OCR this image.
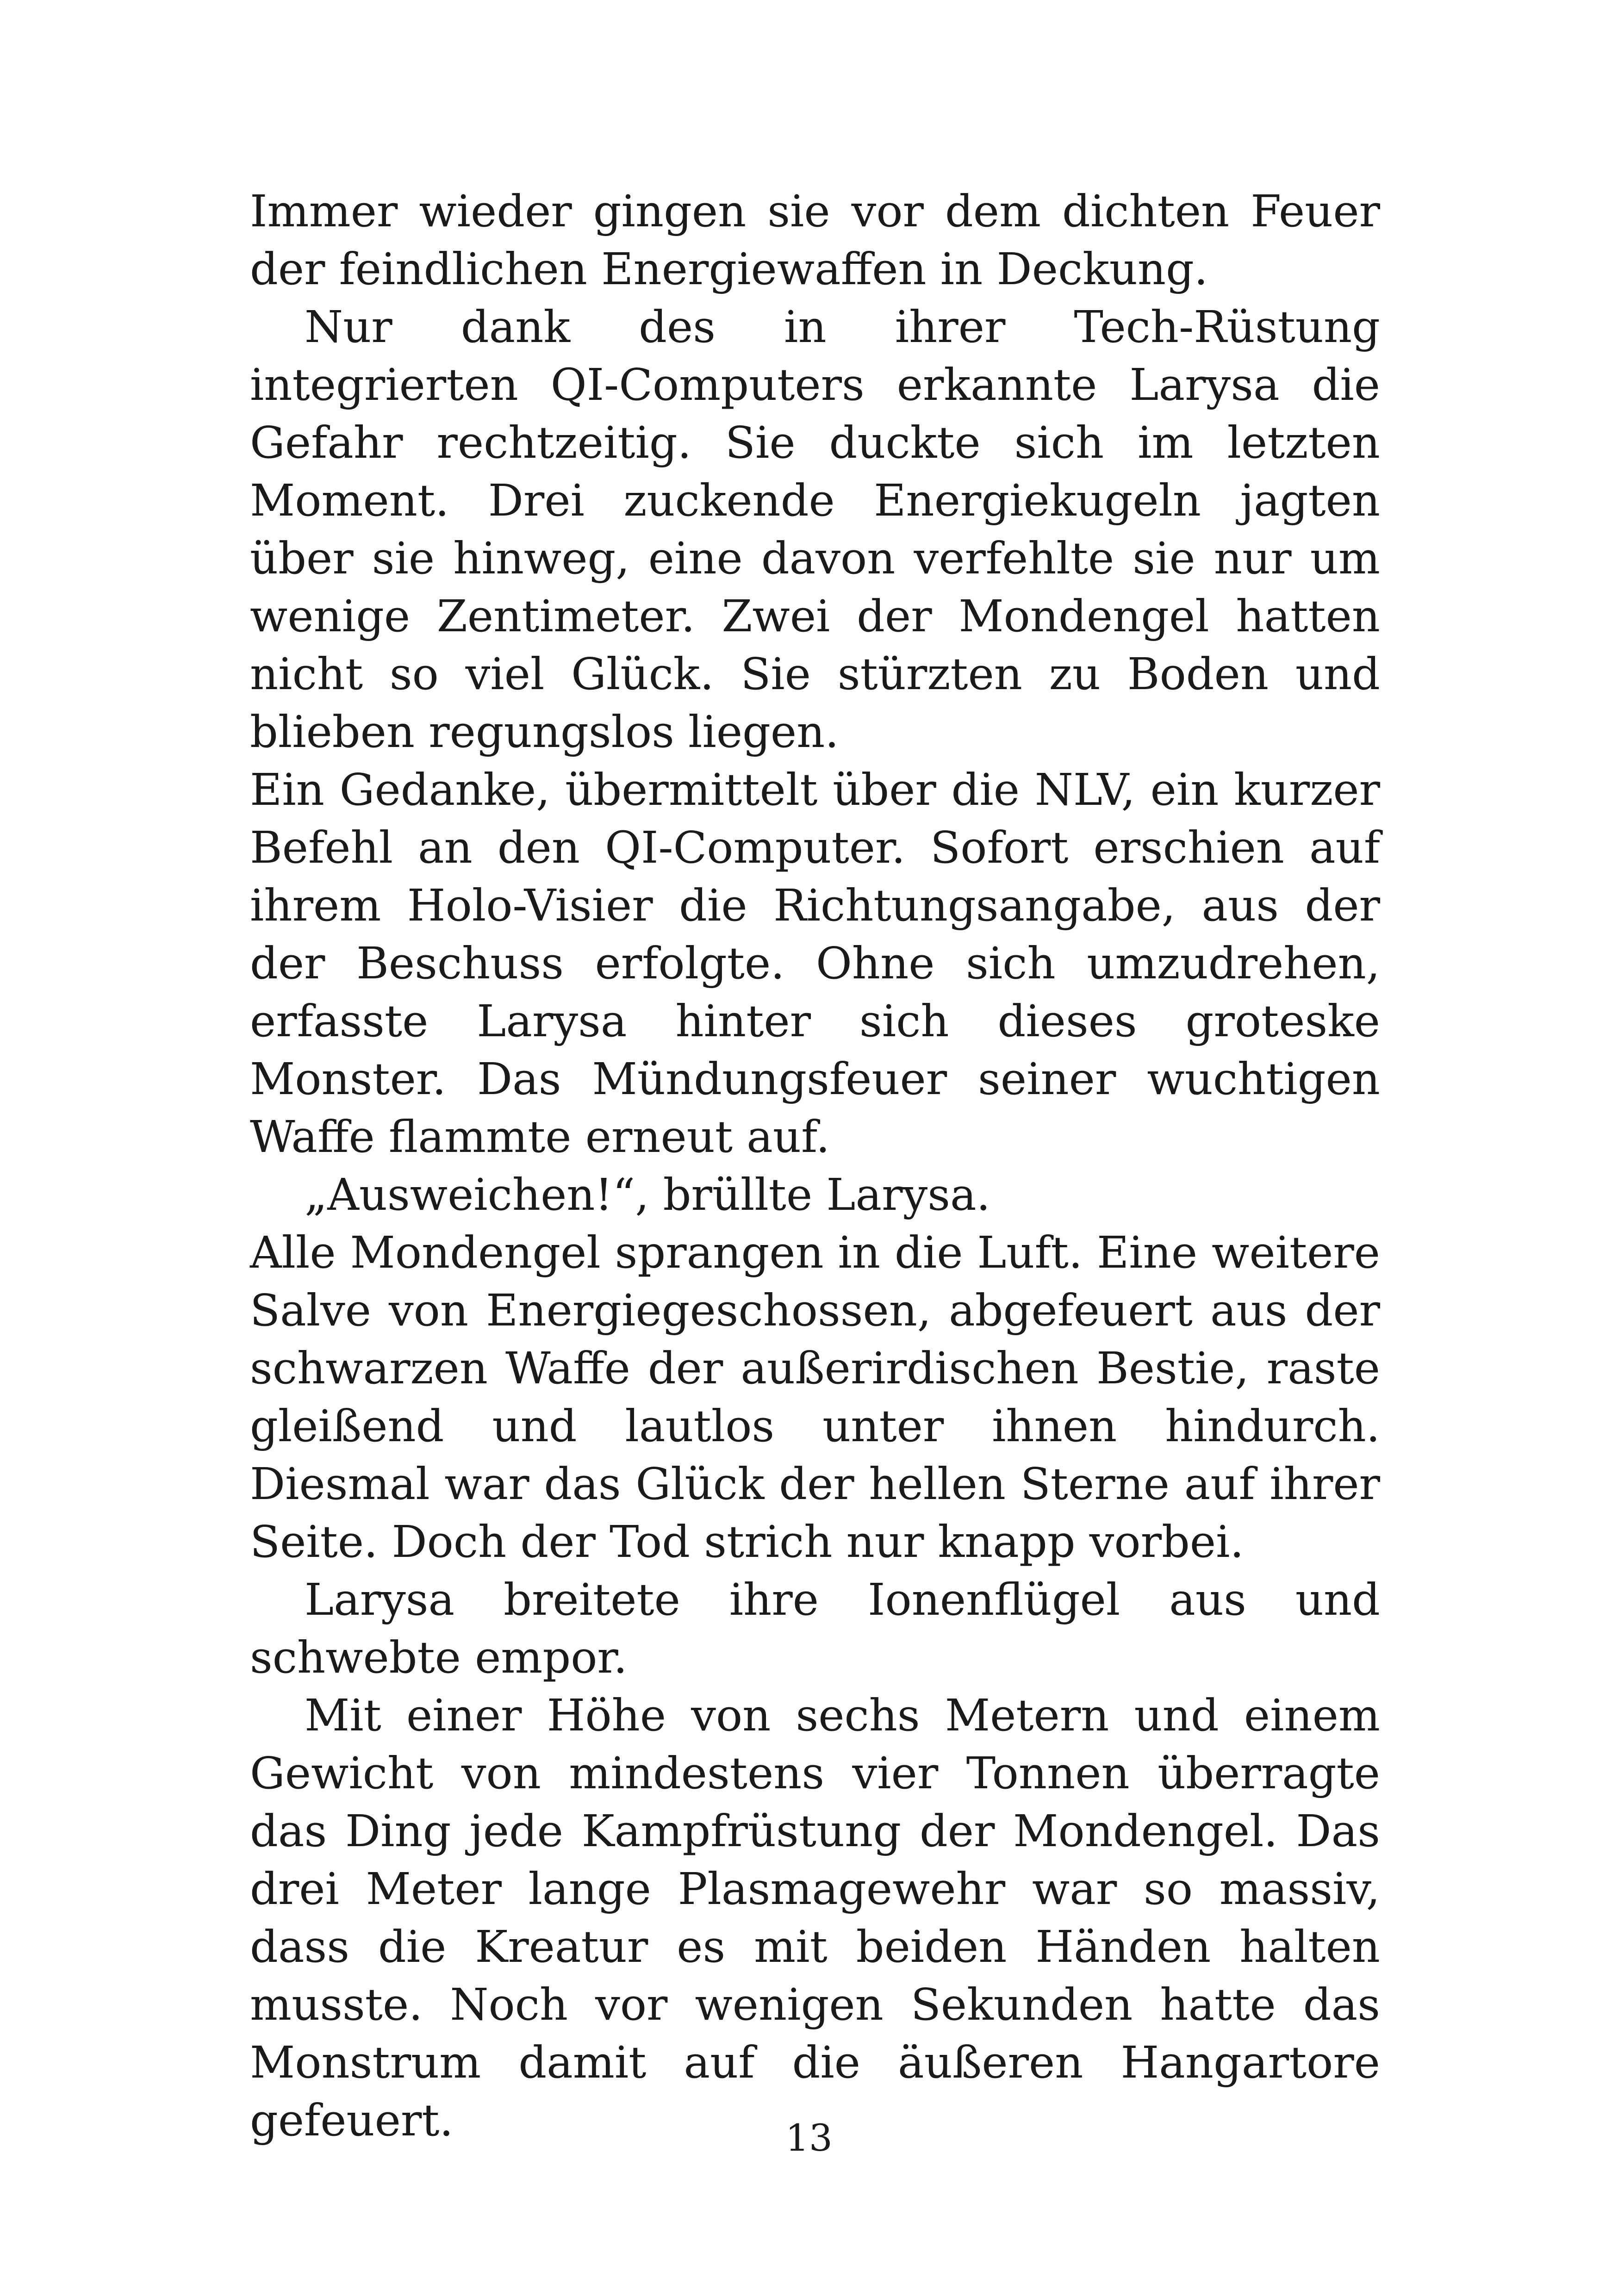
Immer wieder gingen sie vor dem dichten Feuer der feindlichen Energiewaffen in Deckung.

Nur dank des in ihrer Tech-Rüstung integrierten QI-Computers erkannte Larysa die Gefahr rechtzeitig. Sie duckte sich im letzten Moment. Drei zuckende Energiekugeln jagten über sie hinweg, eine davon verfehlte sie nur um wenige Zentimeter. Zwei der Mondengel hatten nicht so viel Glück. Sie stürzten zu Boden und blieben regungslos liegen.

Ein Gedanke, übermittelt über die NLV, ein kurzer Befehl an den QI-Computer. Sofort erschien auf ihrem Holo-Visier die Richtungsangabe, aus der der Beschuss erfolgte. Ohne sich umzudrehen, erfasste Larysa hinter sich dieses groteske Monster. Das Mündungsfeuer seiner wuchtigen Waffe flammte erneut auf.

„Ausweichen!“, brüllte Larysa.

Alle Mondengel sprangen in die Luft. Eine weitere Salve von Energiegeschossen, abgefeuert aus der schwarzen Waffe der außerirdischen Bestie, raste gleißend und lautlos unter ihnen hindurch. Diesmal war das Glück der hellen Sterne auf ihrer Seite. Doch der Tod strich nur knapp vorbei.

Larysa breitete ihre Ionenflügel aus und schwebte empor.

Mit einer Höhe von sechs Metern und einem Gewicht von mindestens vier Tonnen überragte das Ding jede Kampfrüstung der Mondengel. Das drei Meter lange Plasmagewehr war so massiv, dass die Kreatur es mit beiden Händen halten musste. Noch vor wenigen Sekunden hatte das Monstrum damit auf die äußeren Hangartore gefeuert.	13
